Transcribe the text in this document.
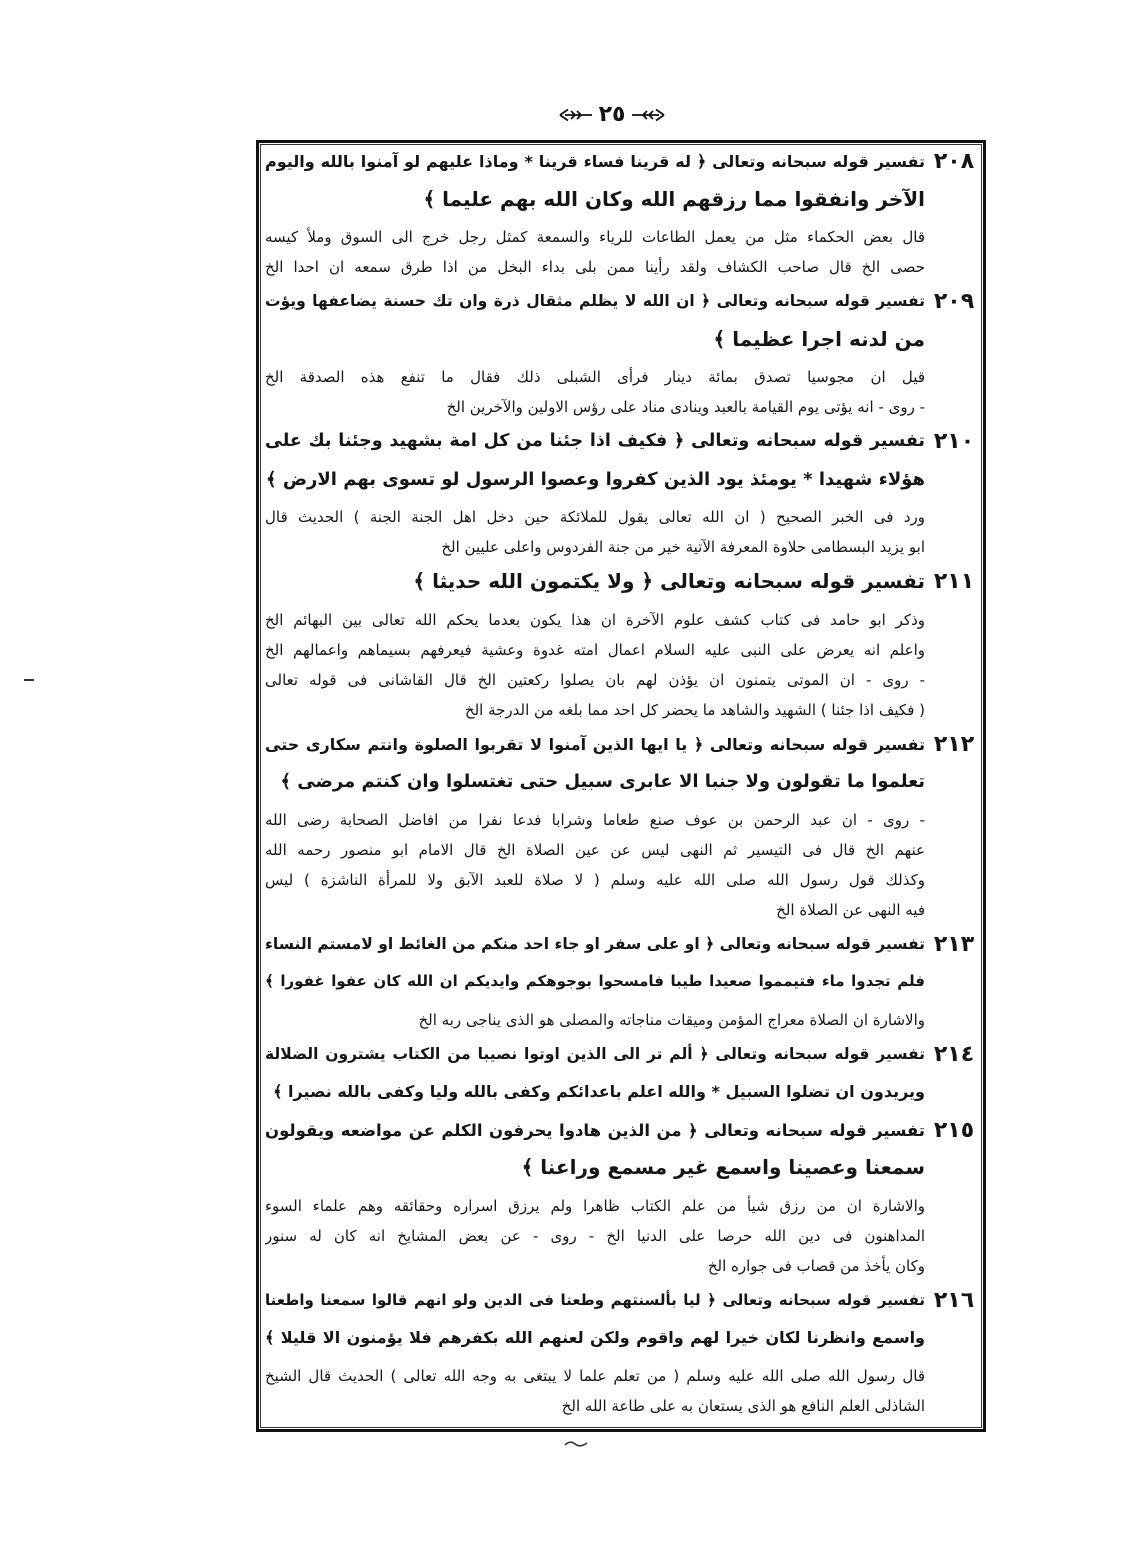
٢٥
٢٠٨
تفسير قوله سبحانه وتعالى ﴿ له قرينا فساء قرينا * وماذا عليهم لو آمنوا بالله واليوم
الآخر وانفقوا مما رزقهم الله وكان الله بهم عليما ﴾
قال بعض الحكماء مثل من يعمل الطاعات للرياء والسمعة كمثل رجل خرج الى السوق وملأ كيسه
حصى الخ قال صاحب الكشاف ولقد رأينا ممن بلى بداء البخل من اذا طرق سمعه ان احدا الخ
٢٠٩
تفسير قوله سبحانه وتعالى ﴿ ان الله لا يظلم مثقال ذرة وان تك حسنة يضاعفها ويؤت
من لدنه اجرا عظيما ﴾
قيل ان مجوسيا تصدق بمائة دينار فرأى الشبلى ذلك فقال ما تنفع هذه الصدقة الخ
- روى - انه يؤتى يوم القيامة بالعبد وينادى مناد على رؤس الاولين والآخرين الخ
٢١٠
تفسير قوله سبحانه وتعالى ﴿ فكيف اذا جئنا من كل امة بشهيد وجئنا بك على
هؤلاء شهيدا * يومئذ يود الذين كفروا وعصوا الرسول لو تسوى بهم الارض ﴾
ورد فى الخبر الصحيح ( ان الله تعالى يقول للملائكة حين دخل اهل الجنة الجنة ) الحديث قال
ابو يزيد البسطامى حلاوة المعرفة الآتية خير من جنة الفردوس واعلى عليين الخ
٢١١
تفسير قوله سبحانه وتعالى ﴿ ولا يكتمون الله حديثا ﴾
وذكر ابو حامد فى كتاب كشف علوم الآخرة ان هذا يكون بعدما يحكم الله تعالى بين البهائم الخ
واعلم انه يعرض على النبى عليه السلام اعمال امته غدوة وعشية فيعرفهم بسيماهم واعمالهم الخ
- روى - ان الموتى يتمنون ان يؤذن لهم بان يصلوا ركعتين الخ قال القاشانى فى قوله تعالى
( فكيف اذا جئنا ) الشهيد والشاهد ما يحضر كل احد مما بلغه من الدرجة الخ
٢١٢
تفسير قوله سبحانه وتعالى ﴿ يا ايها الذين آمنوا لا تقربوا الصلوة وانتم سكارى حتى
تعلموا ما تقولون ولا جنبا الا عابرى سبيل حتى تغتسلوا وان كنتم مرضى ﴾
- روى - ان عبد الرحمن بن عوف صنع طعاما وشرابا فدعا نفرا من افاضل الصحابة رضى الله
عنهم الخ قال فى التيسير ثم النهى ليس عن عين الصلاة الخ قال الامام ابو منصور رحمه الله
وكذلك قول رسول الله صلى الله عليه وسلم ( لا صلاة للعبد الآبق ولا للمرأة الناشزة ) ليس
فيه النهى عن الصلاة الخ
٢١٣
تفسير قوله سبحانه وتعالى ﴿ او على سفر او جاء احد منكم من الغائط او لامستم النساء
فلم تجدوا ماء فتيمموا صعيدا طيبا فامسحوا بوجوهكم وايديكم ان الله كان عفوا غفورا ﴾
والاشارة ان الصلاة معراج المؤمن وميقات مناجاته والمصلى هو الذى يناجى ربه الخ
٢١٤
تفسير قوله سبحانه وتعالى ﴿ ألم تر الى الذين اوتوا نصيبا من الكتاب يشترون الضلالة
ويريدون ان تضلوا السبيل * والله اعلم باعدائكم وكفى بالله وليا وكفى بالله نصيرا ﴾
٢١٥
تفسير قوله سبحانه وتعالى ﴿ من الذين هادوا يحرفون الكلم عن مواضعه ويقولون
سمعنا وعصينا واسمع غير مسمع وراعنا ﴾
والاشارة ان من رزق شيأ من علم الكتاب ظاهرا ولم يرزق اسراره وحقائقه وهم علماء السوء
المداهنون فى دين الله حرصا على الدنيا الخ - روى - عن بعض المشايخ انه كان له سنور
وكان يأخذ من قصاب فى جواره الخ
٢١٦
تفسير قوله سبحانه وتعالى ﴿ ليا بألسنتهم وطعنا فى الدين ولو انهم قالوا سمعنا واطعنا
واسمع وانظرنا لكان خيرا لهم واقوم ولكن لعنهم الله بكفرهم فلا يؤمنون الا قليلا ﴾
قال رسول الله صلى الله عليه وسلم ( من تعلم علما لا يبتغى به وجه الله تعالى ) الحديث قال الشيخ
الشاذلى العلم النافع هو الذى يستعان به على طاعة الله الخ
